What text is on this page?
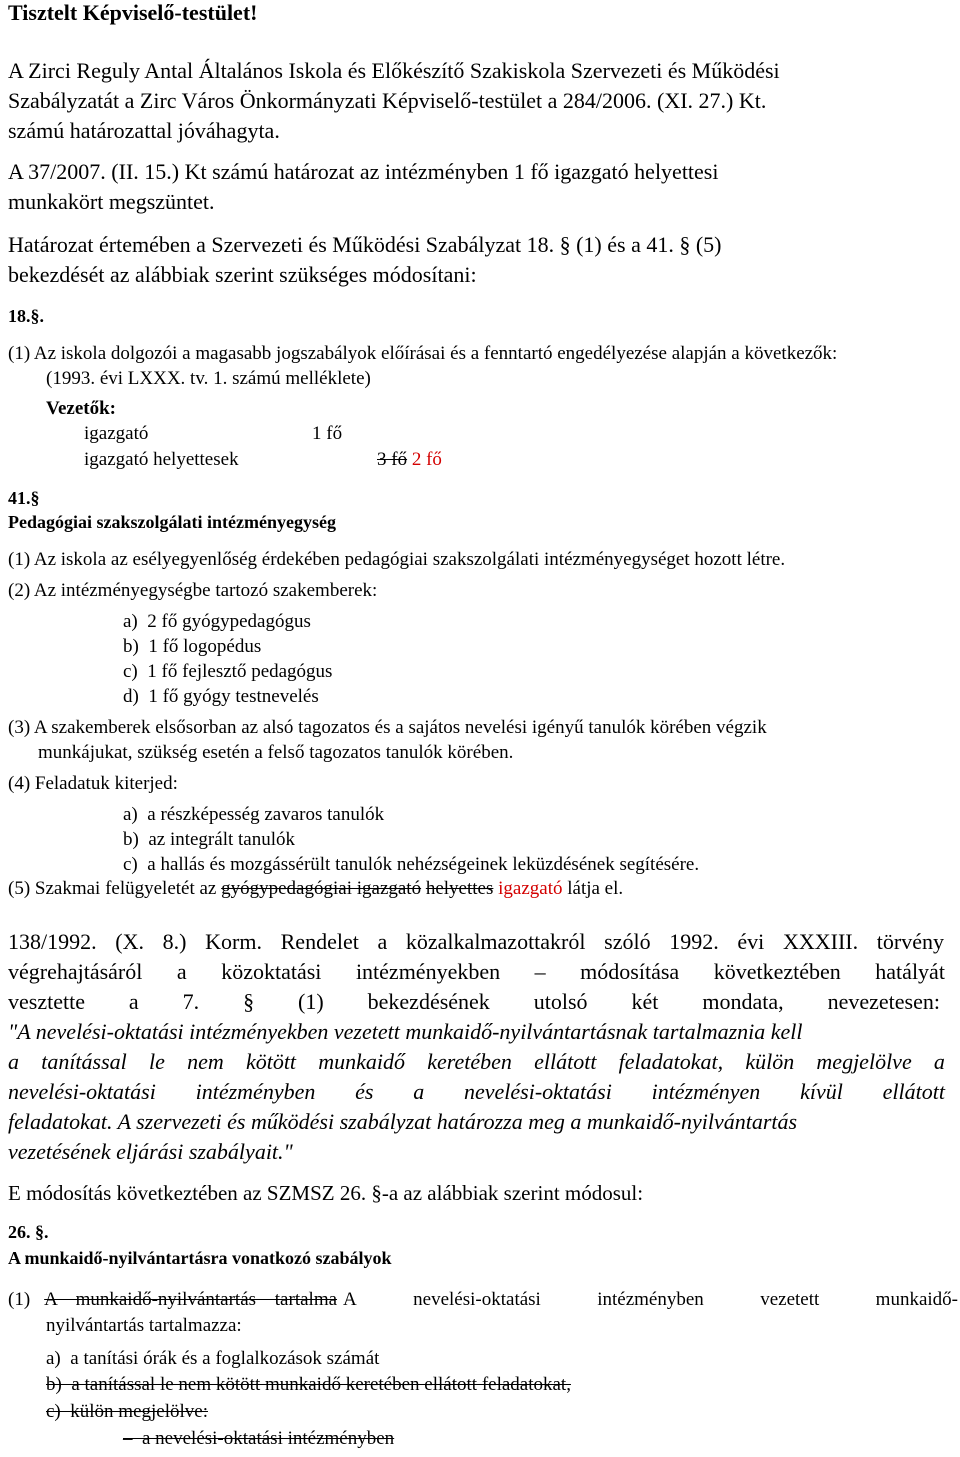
Tisztelt Képviselő-testület!
A Zirci Reguly Antal Általános Iskola és Előkészítő Szakiskola Szervezeti és Működési
Szabályzatát a Zirc Város Önkormányzati Képviselő-testület a 284/2006. (XI. 27.) Kt.
számú határozattal jóváhagyta.
A 37/2007. (II. 15.) Kt számú határozat az intézményben 1 fő igazgató helyettesi
munkakört megszüntet.
Határozat értemében a Szervezeti és Működési Szabályzat 18. § (1) és a 41. § (5)
bekezdését az alábbiak szerint szükséges módosítani:
18.§.
(1) Az iskola dolgozói a magasabb jogszabályok előírásai és a fenntartó engedélyezése alapján a következők:
(1993. évi LXXX. tv. 1. számú melléklete)
Vezetők:
igazgató	1 fő
igazgató helyettesek	3 fő 2 fő
41.§
Pedagógiai szakszolgálati intézményegység
(1) Az iskola az esélyegyenlőség érdekében pedagógiai szakszolgálati intézményegységet hozott létre.
(2) Az intézményegységbe tartozó szakemberek:
a)  2 fő gyógypedagógus
b)  1 fő logopédus
c)  1 fő fejlesztő pedagógus
d)  1 fő gyógy testnevelés
(3) A szakemberek elsősorban az alsó tagozatos és a sajátos nevelési igényű tanulók körében végzik
munkájukat, szükség esetén a felső tagozatos tanulók körében.
(4) Feladatuk kiterjed:
a)  a részképesség zavaros tanulók
b)  az integrált tanulók
c)  a hallás és mozgássérült tanulók nehézségeinek leküzdésének segítésére.
(5) Szakmai felügyeletét az gyógypedagógiai igazgató helyettes igazgató látja el.
138/1992. (X. 8.) Korm. Rendelet a közalkalmazottakról szóló 1992. évi XXXIII. törvény
végrehajtásáról a közoktatási intézményekben – módosítása következtében hatályát
vesztette a 7. § (1) bekezdésének utolsó két mondata, nevezetesen:
"A nevelési-oktatási intézményekben vezetett munkaidő-nyilvántartásnak tartalmaznia kell
a tanítással le nem kötött munkaidő keretében ellátott feladatokat, külön megjelölve a
nevelési-oktatási intézményben és a nevelési-oktatási intézményen kívül ellátott
feladatokat. A szervezeti és működési szabályzat határozza meg a munkaidő-nyilvántartás
vezetésének eljárási szabályait."
E módosítás következtében az SZMSZ 26. §-a az alábbiak szerint módosul:
26. §.
A munkaidő-nyilvántartásra vonatkozó szabályok
(1) A munkaidő-nyilvántartás tartalma A	nevelési-oktatási	intézményben	vezetett	munkaidő-
nyilvántartás tartalmazza:
a)  a tanítási órák és a foglalkozások számát
b)  a tanítással le nem kötött munkaidő keretében ellátott feladatokat,
c)  külön megjelölve:
–  a nevelési-oktatási intézményben
